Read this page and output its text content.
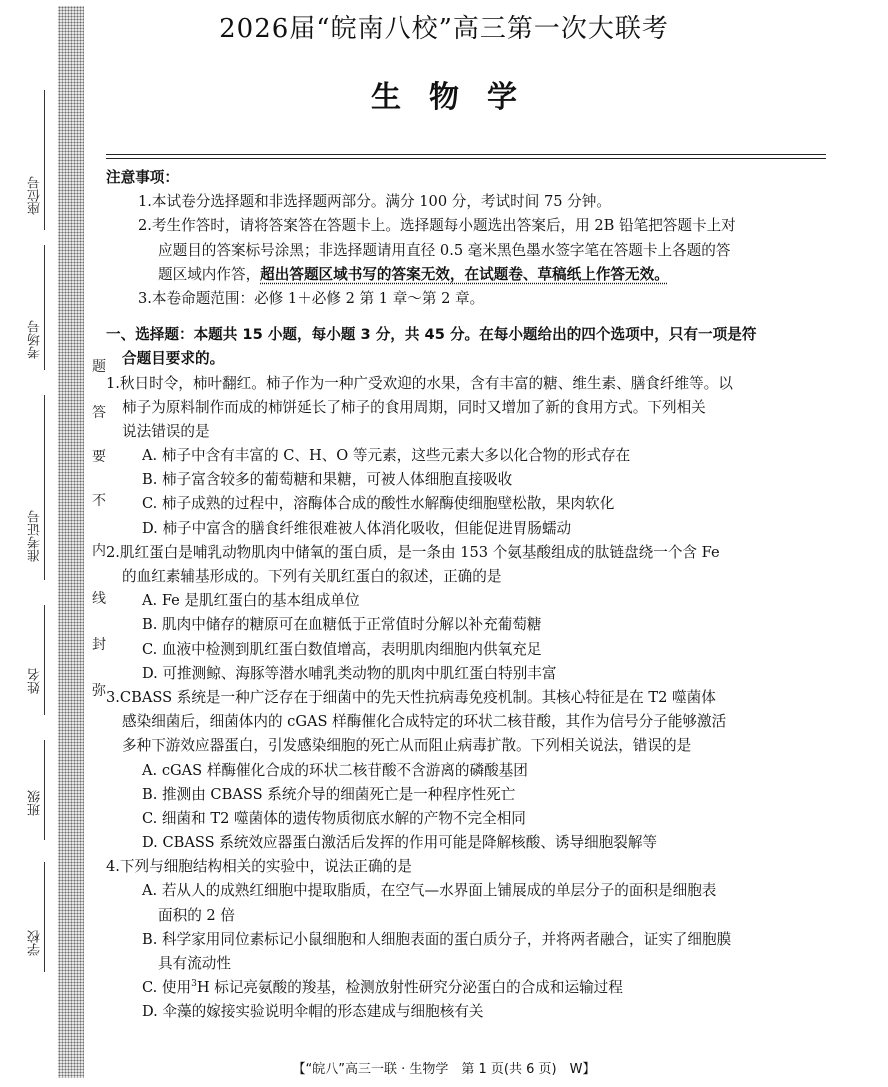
座位号
考场号
准考证号
姓名
班级
学校
题
答
要
不
内
线
封
弥
2026届“皖南八校”高三第一次大联考
生物学
注意事项：
1.本试卷分选择题和非选择题两部分。满分 100 分，考试时间 75 分钟。
2.考生作答时，请将答案答在答题卡上。选择题每小题选出答案后，用 2B 铅笔把答题卡上对
应题目的答案标号涂黑；非选择题请用直径 0.5 毫米黑色墨水签字笔在答题卡上各题的答
题区域内作答，超出答题区域书写的答案无效，在试题卷、草稿纸上作答无效。
3.本卷命题范围：必修 1＋必修 2 第 1 章～第 2 章。
一、选择题：本题共 15 小题，每小题 3 分，共 45 分。在每小题给出的四个选项中，只有一项是符
合题目要求的。
1.秋日时令，柿叶翻红。柿子作为一种广受欢迎的水果，含有丰富的糖、维生素、膳食纤维等。以
柿子为原料制作而成的柿饼延长了柿子的食用周期，同时又增加了新的食用方式。下列相关
说法错误的是
A. 柿子中含有丰富的 C、H、O 等元素，这些元素大多以化合物的形式存在
B. 柿子富含较多的葡萄糖和果糖，可被人体细胞直接吸收
C. 柿子成熟的过程中，溶酶体合成的酸性水解酶使细胞壁松散，果肉软化
D. 柿子中富含的膳食纤维很难被人体消化吸收，但能促进胃肠蠕动
2.肌红蛋白是哺乳动物肌肉中储氧的蛋白质，是一条由 153 个氨基酸组成的肽链盘绕一个含 Fe
的血红素辅基形成的。下列有关肌红蛋白的叙述，正确的是
A. Fe 是肌红蛋白的基本组成单位
B. 肌肉中储存的糖原可在血糖低于正常值时分解以补充葡萄糖
C. 血液中检测到肌红蛋白数值增高，表明肌肉细胞内供氧充足
D. 可推测鲸、海豚等潜水哺乳类动物的肌肉中肌红蛋白特别丰富
3.CBASS 系统是一种广泛存在于细菌中的先天性抗病毒免疫机制。其核心特征是在 T2 噬菌体
感染细菌后，细菌体内的 cGAS 样酶催化合成特定的环状二核苷酸，其作为信号分子能够激活
多种下游效应器蛋白，引发感染细胞的死亡从而阻止病毒扩散。下列相关说法，错误的是
A. cGAS 样酶催化合成的环状二核苷酸不含游离的磷酸基团
B. 推测由 CBASS 系统介导的细菌死亡是一种程序性死亡
C. 细菌和 T2 噬菌体的遗传物质彻底水解的产物不完全相同
D. CBASS 系统效应器蛋白激活后发挥的作用可能是降解核酸、诱导细胞裂解等
4.下列与细胞结构相关的实验中，说法正确的是
A. 若从人的成熟红细胞中提取脂质，在空气—水界面上铺展成的单层分子的面积是细胞表
面积的 2 倍
B. 科学家用同位素标记小鼠细胞和人细胞表面的蛋白质分子，并将两者融合，证实了细胞膜
具有流动性
C. 使用$^3$H 标记亮氨酸的羧基，检测放射性研究分泌蛋白的合成和运输过程
D. 伞藻的嫁接实验说明伞帽的形态建成与细胞核有关
【“皖八”高三一联 · 生物学　第 1 页(共 6 页)　W】
